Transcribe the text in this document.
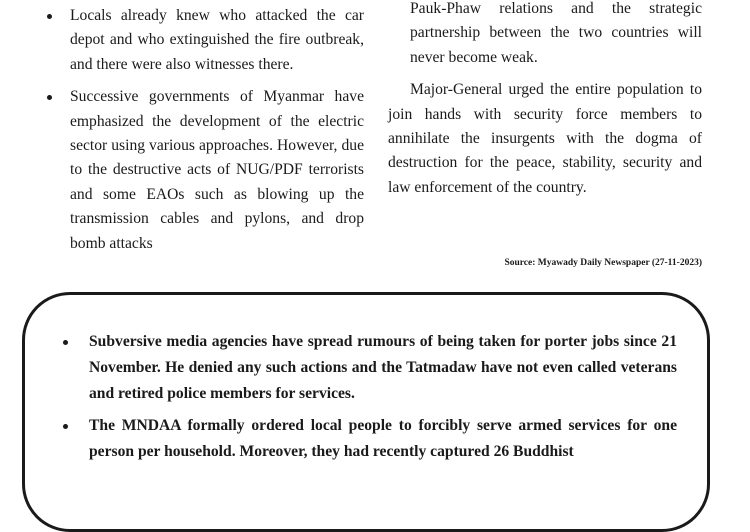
Locals already knew who attacked the car depot and who extinguished the fire outbreak, and there were also witnesses there.
Successive governments of Myanmar have emphasized the development of the electric sector using various approaches. However, due to the destructive acts of NUG/PDF terrorists and some EAOs such as blowing up the transmission cables and pylons, and drop bomb attacks

Pauk-Phaw relations and the strategic partnership between the two countries will never become weak.

Major-General urged the entire population to join hands with security force members to annihilate the insurgents with the dogma of destruction for the peace, stability, security and law enforcement of the country.

Source: Myawady Daily Newspaper (27-11-2023)
Subversive media agencies have spread rumours of being taken for porter jobs since 21 November. He denied any such actions and the Tatmadaw have not even called veterans and retired police members for services.
The MNDAA formally ordered local people to forcibly serve armed services for one person per household. Moreover, they had recently captured 26 Buddhist
